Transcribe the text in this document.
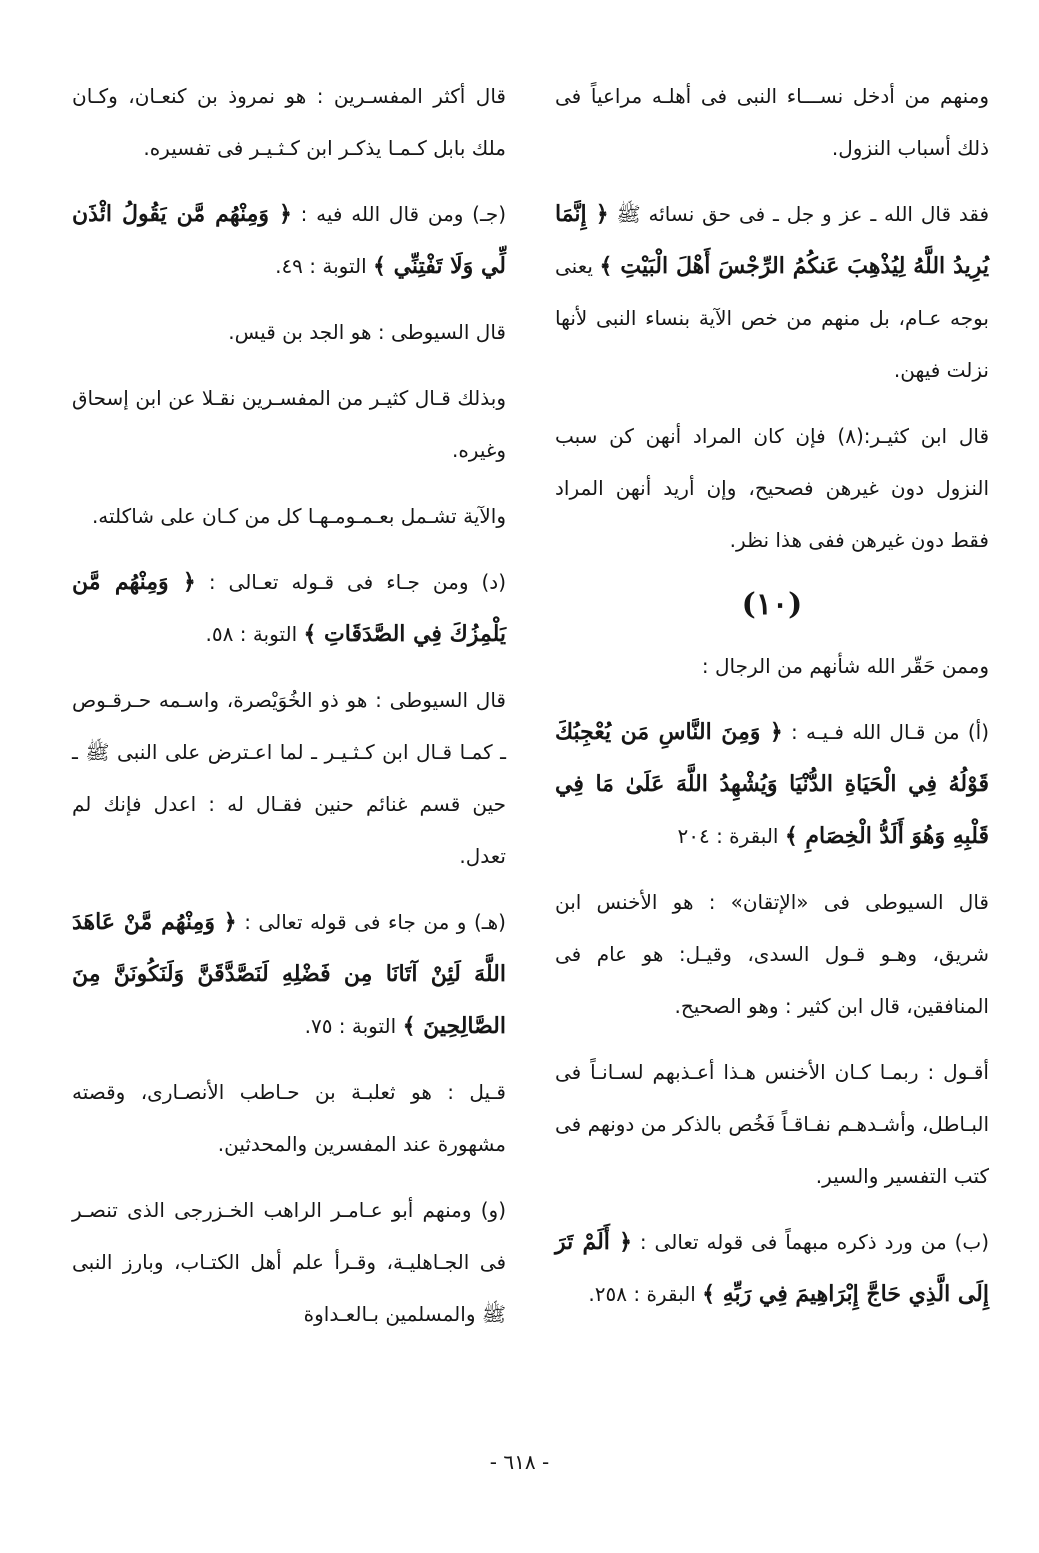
ومنهم من أدخل نســـاء النبى فى أهلـه مراعياً فى ذلك أسباب النزول.

فقد قال الله ـ عز و جل ـ فى حق نسائه ﷺ ﴿ إِنَّمَا يُرِيدُ اللَّهُ لِيُذْهِبَ عَنكُمُ الرِّجْسَ أَهْلَ الْبَيْتِ ﴾ يعنى بوجه عـام، بل منهم من خص الآية بنساء النبى لأنها نزلت فيهن.

قال ابن كثيـر:(٨) فإن كان المراد أنهن كن سبب النزول دون غيرهن فصحيح، وإن أريد أنهن المراد فقط دون غيرهن ففى هذا نظر.

(١٠)

وممن حَقّر الله شأنهم من الرجال :

(أ) من قـال الله فـيـه : ﴿ وَمِنَ النَّاسِ مَن يُعْجِبُكَ قَوْلُهُ فِي الْحَيَاةِ الدُّنْيَا وَيُشْهِدُ اللَّهَ عَلَىٰ مَا فِي قَلْبِهِ وَهُوَ أَلَدُّ الْخِصَامِ ﴾ البقرة : ٢٠٤

قال السيوطى فى «الإتقان» : هو الأخنس ابن شريق، وهـو قـول السدى، وقيـل: هو عام فى المنافقين، قال ابن كثير : وهو الصحيح.

أقـول : ربمـا كـان الأخنس هـذا أعـذبهم لسـانـاً فى البـاطل، وأشـدهـم نفـاقـاً فَخُص بالذكر من دونهم فى كتب التفسير والسير.

(ب) من ورد ذكره مبهماً فى قوله تعالى : ﴿ أَلَمْ تَرَ إِلَى الَّذِي حَاجَّ إِبْرَاهِيمَ فِي رَبِّهِ ﴾ البقرة : ٢٥٨.

قال أكثر المفسـرين : هو نمروذ بن كنعـان، وكـان ملك بابل كـمـا يذكـر ابن كـثـيـر فى تفسيره.

(جـ) ومن قال الله فيه : ﴿ وَمِنْهُم مَّن يَقُولُ ائْذَن لِّي وَلَا تَفْتِنِّي ﴾ التوبة : ٤٩.

قال السيوطى : هو الجد بن قيس.

وبذلك قـال كثيـر من المفسـرين نقـلا عن ابن إسحاق وغيره.

والآية تشـمل بعـمـومـهـا كل من كـان على شاكلته.

(د) ومن جـاء فى قـوله تعـالى : ﴿ وَمِنْهُم مَّن يَلْمِزُكَ فِي الصَّدَقَاتِ ﴾ التوبة : ٥٨.

قال السيوطى : هو ذو الخُوَيْصرة، واسـمه حـرقـوص ـ كمـا قـال ابن كـثـيـر ـ لما اعـترض على النبى ﷺ ـ حين قسم غنائم حنين فقـال له : اعدل فإنك لم تعدل.

(هـ) و من جاء فى قوله تعالى : ﴿ وَمِنْهُم مَّنْ عَاهَدَ اللَّهَ لَئِنْ آتَانَا مِن فَضْلِهِ لَنَصَّدَّقَنَّ وَلَنَكُونَنَّ مِنَ الصَّالِحِينَ ﴾ التوبة : ٧٥.

قـيل : هو ثعلبـة بن حـاطب الأنصـارى، وقصته مشهورة عند المفسرين والمحدثين.

(و) ومنهم أبو عـامـر الراهب الخـزرجى الذى تنصـر فى الجـاهليـة، وقـرأ علم أهل الكتـاب، وبارز النبى ﷺ والمسلمين بـالعـداوة

- ٦١٨ -
